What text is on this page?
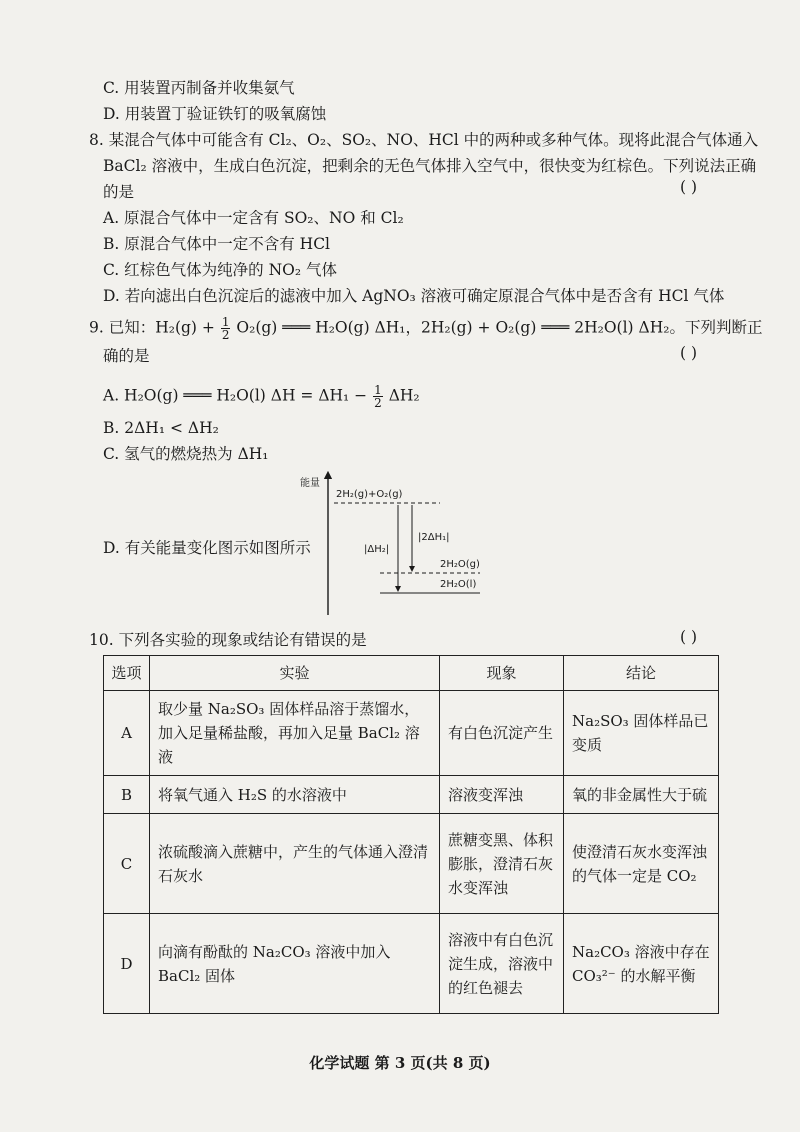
C. 用装置丙制备并收集氨气
D. 用装置丁验证铁钉的吸氧腐蚀
8. 某混合气体中可能含有 Cl₂、O₂、SO₂、NO、HCl 中的两种或多种气体。现将此混合气体通入
BaCl₂ 溶液中，生成白色沉淀，把剩余的无色气体排入空气中，很快变为红棕色。下列说法正确
的是	( )
A. 原混合气体中一定含有 SO₂、NO 和 Cl₂
B. 原混合气体中一定不含有 HCl
C. 红棕色气体为纯净的 NO₂ 气体
D. 若向滤出白色沉淀后的滤液中加入 AgNO₃ 溶液可确定原混合气体中是否含有 HCl 气体
9. 已知：$H_2(g) + \frac{1}{2} O_2(g)$ ═══ H₂O(g) ΔH₁，2H₂(g) + O₂(g) ═══ 2H₂O(l) ΔH₂。下列判断正
确的是	( )
A. H₂O(g) ═══ H₂O(l) $\Delta H = \Delta H_1 - \frac{1}{2} \Delta H_2$
B. 2ΔH₁ < ΔH₂
C. 氢气的燃烧热为 ΔH₁
D. 有关能量变化图示如图所示
能量
2H₂(g)+O₂(g)
2H₂O(g)
2H₂O(l)
|2ΔH₁|
|ΔH₂|
10. 下列各实验的现象或结论有错误的是	( )
选项	实验	现象	结论
A	取少量 Na₂SO₃ 固体样品溶于蒸馏水，加入足量稀盐酸，再加入足量 BaCl₂ 溶液	有白色沉淀产生	Na₂SO₃ 固体样品已变质
B	将氧气通入 H₂S 的水溶液中	溶液变浑浊	氧的非金属性大于硫
C	浓硫酸滴入蔗糖中，产生的气体通入澄清石灰水	蔗糖变黑、体积膨胀，澄清石灰水变浑浊	使澄清石灰水变浑浊的气体一定是 CO₂
D	向滴有酚酞的 Na₂CO₃ 溶液中加入 BaCl₂ 固体	溶液中有白色沉淀生成，溶液中的红色褪去	Na₂CO₃ 溶液中存在 CO₃²⁻ 的水解平衡
化学试题 第 3 页(共 8 页)
